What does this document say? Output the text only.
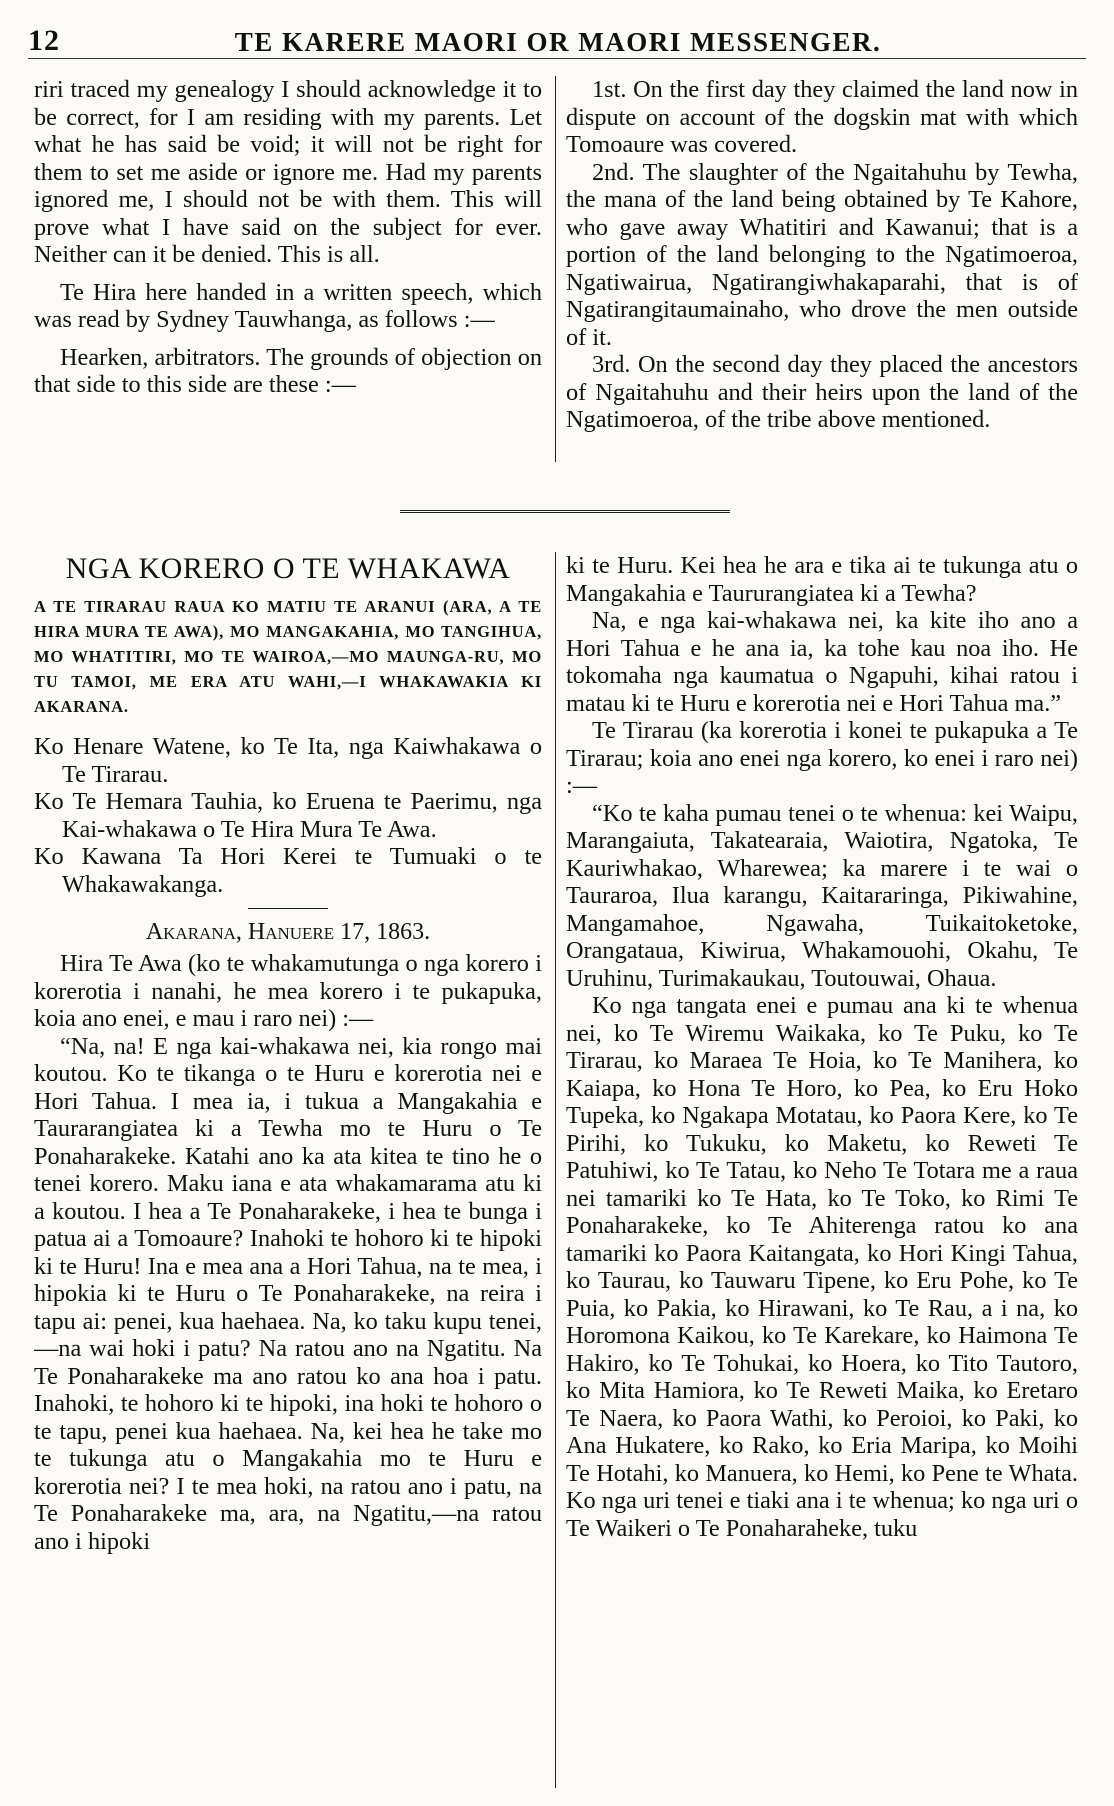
12	TE KARERE MAORI OR MAORI MESSENGER.

riri traced my genealogy I should acknowledge it to be correct, for I am residing with my parents. Let what he has said be void; it will not be right for them to set me aside or ignore me. Had my parents ignored me, I should not be with them. This will prove what I have said on the subject for ever. Neither can it be denied. This is all.

Te Hira here handed in a written speech, which was read by Sydney Tauwhanga, as follows :—

Hearken, arbitrators. The grounds of objection on that side to this side are these :—

1st. On the first day they claimed the land now in dispute on account of the dogskin mat with which Tomoaure was covered.

2nd. The slaughter of the Ngaitahuhu by Tewha, the mana of the land being obtained by Te Kahore, who gave away Whatitiri and Kawanui; that is a portion of the land belonging to the Ngatimoeroa, Ngatiwairua, Ngatirangiwhakaparahi, that is of Ngatirangitaumainaho, who drove the men outside of it.

3rd. On the second day they placed the ancestors of Ngaitahuhu and their heirs upon the land of the Ngatimoeroa, of the tribe above mentioned.

NGA KORERO O TE WHAKAWA
A TE TIRARAU RAUA KO MATIU TE ARANUI (ARA, A TE HIRA MURA TE AWA), MO MANGAKAHIA, MO TANGIHUA, MO WHATITIRI, MO TE WAIROA,—MO MAUNGA-RU, MO TU TAMOI, ME ERA ATU WAHI,—I WHAKAWAKIA KI AKARANA.

Ko Henare Watene, ko Te Ita, nga Kaiwhakawa o Te Tirarau.

Ko Te Hemara Tauhia, ko Eruena te Paerimu, nga Kai-whakawa o Te Hira Mura Te Awa.

Ko Kawana Ta Hori Kerei te Tumuaki o te Whakawakanga.

Akarana, Hanuere 17, 1863.

Hira Te Awa (ko te whakamutunga o nga korero i korerotia i nanahi, he mea korero i te pukapuka, koia ano enei, e mau i raro nei) :—

“Na, na! E nga kai-whakawa nei, kia rongo mai koutou. Ko te tikanga o te Huru e korerotia nei e Hori Tahua. I mea ia, i tukua a Mangakahia e Taurarangiatea ki a Tewha mo te Huru o Te Ponaharakeke. Katahi ano ka ata kitea te tino he o tenei korero. Maku iana e ata whakamarama atu ki a koutou. I hea a Te Ponaharakeke, i hea te bunga i patua ai a Tomoaure? Inahoki te hohoro ki te hipoki ki te Huru! Ina e mea ana a Hori Tahua, na te mea, i hipokia ki te Huru o Te Ponaharakeke, na reira i tapu ai: penei, kua haehaea. Na, ko taku kupu tenei,—na wai hoki i patu? Na ratou ano na Ngatitu. Na Te Ponaharakeke ma ano ratou ko ana hoa i patu. Inahoki, te hohoro ki te hipoki, ina hoki te hohoro o te tapu, penei kua haehaea. Na, kei hea he take mo te tukunga atu o Mangakahia mo te Huru e korerotia nei? I te mea hoki, na ratou ano i patu, na Te Ponaharakeke ma, ara, na Ngatitu,—na ratou ano i hipoki

ki te Huru. Kei hea he ara e tika ai te tukunga atu o Mangakahia e Taururangiatea ki a Tewha?

Na, e nga kai-whakawa nei, ka kite iho ano a Hori Tahua e he ana ia, ka tohe kau noa iho. He tokomaha nga kaumatua o Ngapuhi, kihai ratou i matau ki te Huru e korerotia nei e Hori Tahua ma.”

Te Tirarau (ka korerotia i konei te pukapuka a Te Tirarau; koia ano enei nga korero, ko enei i raro nei) :—

“Ko te kaha pumau tenei o te whenua: kei Waipu, Marangaiuta, Takatearaia, Waiotira, Ngatoka, Te Kauriwhakao, Wharewea; ka marere i te wai o Tauraroa, Ilua karangu, Kaitararinga, Pikiwahine, Mangamahoe, Ngawaha, Tuikaitoketoke, Orangataua, Kiwirua, Whakamouohi, Okahu, Te Uruhinu, Turimakaukau, Toutouwai, Ohaua.

Ko nga tangata enei e pumau ana ki te whenua nei, ko Te Wiremu Waikaka, ko Te Puku, ko Te Tirarau, ko Maraea Te Hoia, ko Te Manihera, ko Kaiapa, ko Hona Te Horo, ko Pea, ko Eru Hoko Tupeka, ko Ngakapa Motatau, ko Paora Kere, ko Te Pirihi, ko Tukuku, ko Maketu, ko Reweti Te Patuhiwi, ko Te Tatau, ko Neho Te Totara me a raua nei tamariki ko Te Hata, ko Te Toko, ko Rimi Te Ponaharakeke, ko Te Ahiterenga ratou ko ana tamariki ko Paora Kaitangata, ko Hori Kingi Tahua, ko Taurau, ko Tauwaru Tipene, ko Eru Pohe, ko Te Puia, ko Pakia, ko Hirawani, ko Te Rau, a i na, ko Horomona Kaikou, ko Te Karekare, ko Haimona Te Hakiro, ko Te Tohukai, ko Hoera, ko Tito Tautoro, ko Mita Hamiora, ko Te Reweti Maika, ko Eretaro Te Naera, ko Paora Wathi, ko Peroioi, ko Paki, ko Ana Hukatere, ko Rako, ko Eria Maripa, ko Moihi Te Hotahi, ko Manuera, ko Hemi, ko Pene te Whata. Ko nga uri tenei e tiaki ana i te whenua; ko nga uri o Te Waikeri o Te Ponaharaheke, tuku
